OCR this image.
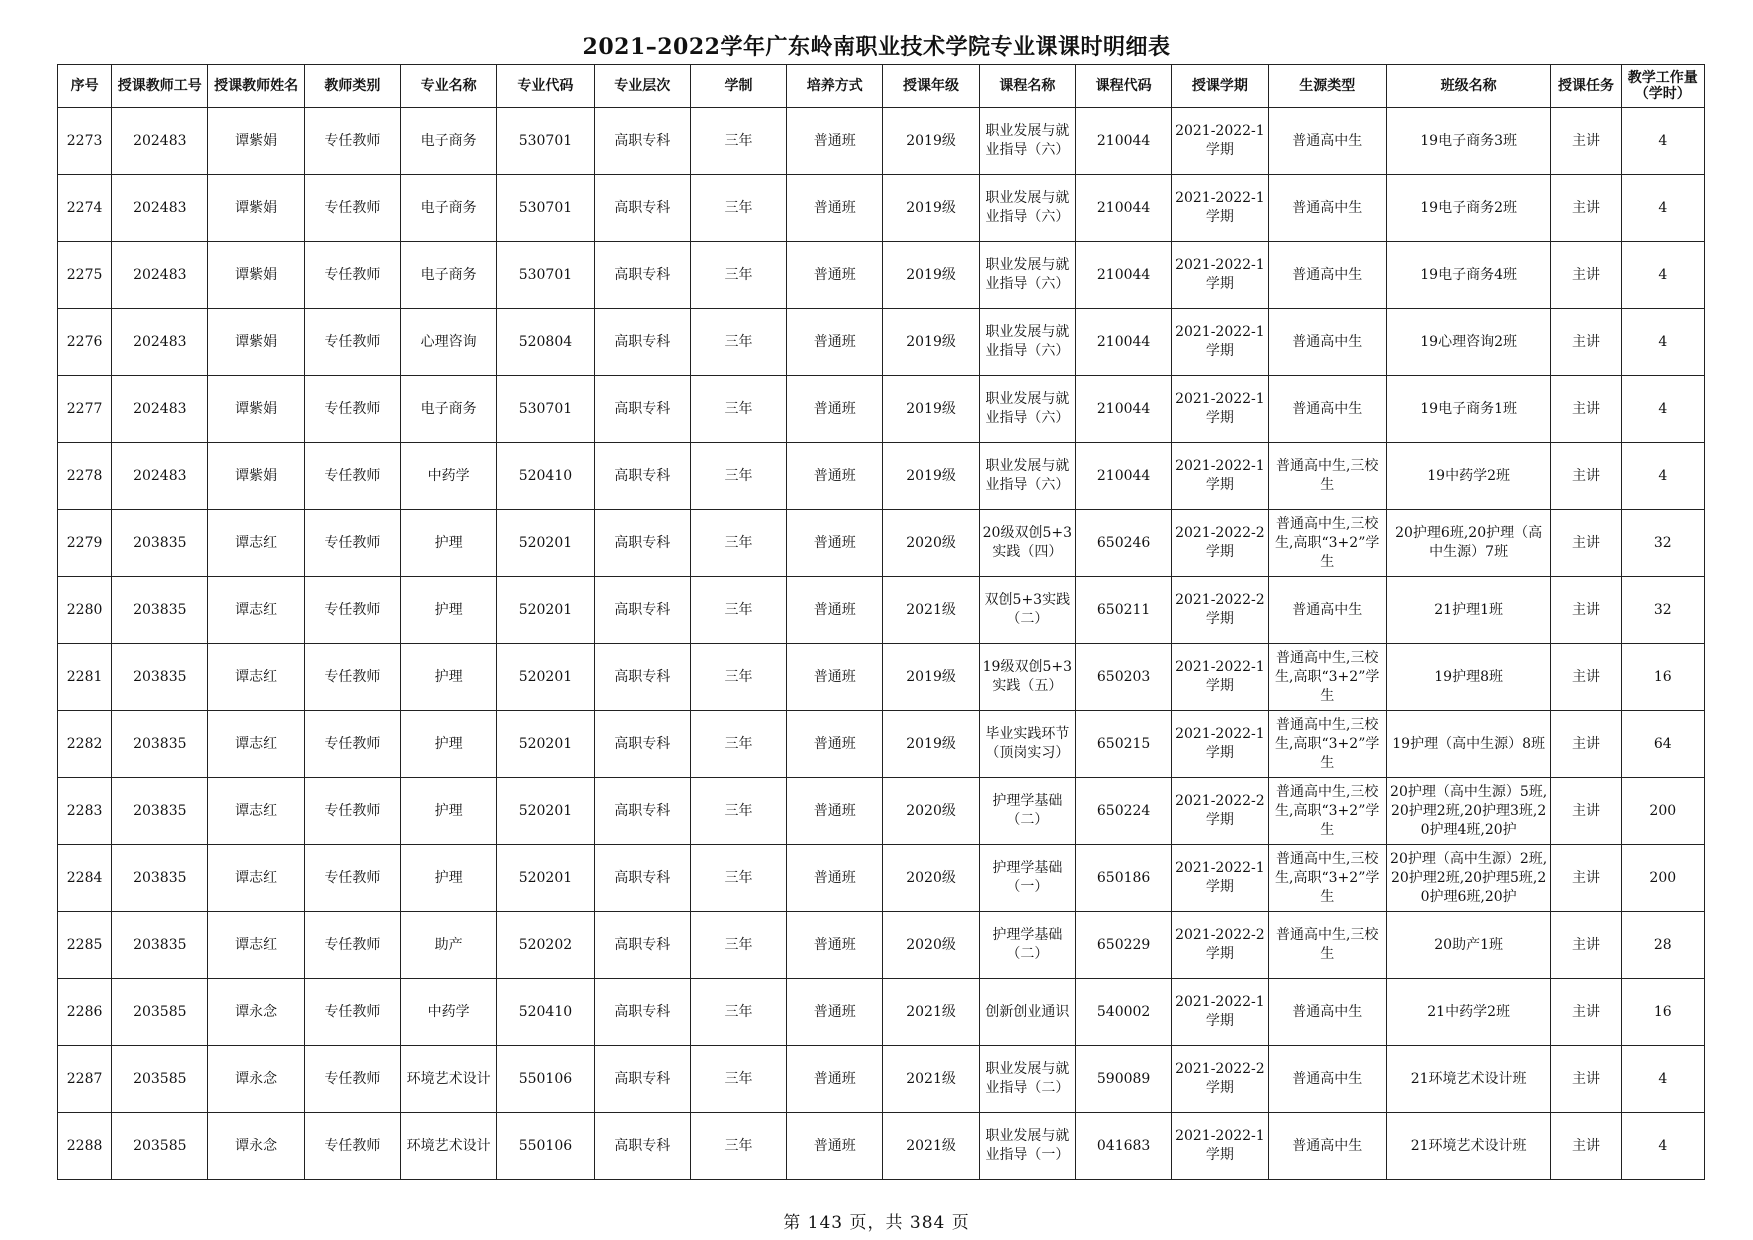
2021–2022学年广东岭南职业技术学院专业课课时明细表
序号	授课教师工号	授课教师姓名	教师类别	专业名称	专业代码	专业层次	学制	培养方式	授课年级	课程名称	课程代码	授课学期	生源类型	班级名称	授课任务	教学工作量（学时）

2273	202483	谭紫娟	专任教师	电子商务	530701	高职专科	三年	普通班	2019级	职业发展与就业指导（六）	210044	2021-2022-1学期	普通高中生	19电子商务3班	主讲	4

2274	202483	谭紫娟	专任教师	电子商务	530701	高职专科	三年	普通班	2019级	职业发展与就业指导（六）	210044	2021-2022-1学期	普通高中生	19电子商务2班	主讲	4

2275	202483	谭紫娟	专任教师	电子商务	530701	高职专科	三年	普通班	2019级	职业发展与就业指导（六）	210044	2021-2022-1学期	普通高中生	19电子商务4班	主讲	4

2276	202483	谭紫娟	专任教师	心理咨询	520804	高职专科	三年	普通班	2019级	职业发展与就业指导（六）	210044	2021-2022-1学期	普通高中生	19心理咨询2班	主讲	4

2277	202483	谭紫娟	专任教师	电子商务	530701	高职专科	三年	普通班	2019级	职业发展与就业指导（六）	210044	2021-2022-1学期	普通高中生	19电子商务1班	主讲	4

2278	202483	谭紫娟	专任教师	中药学	520410	高职专科	三年	普通班	2019级	职业发展与就业指导（六）	210044	2021-2022-1学期	普通高中生,三校生	19中药学2班	主讲	4

2279	203835	谭志红	专任教师	护理	520201	高职专科	三年	普通班	2020级	20级双创5+3实践（四）	650246	2021-2022-2学期	普通高中生,三校生,高职“3+2”学生	20护理6班,20护理（高中生源）7班	主讲	32

2280	203835	谭志红	专任教师	护理	520201	高职专科	三年	普通班	2021级	双创5+3实践（二）	650211	2021-2022-2学期	普通高中生	21护理1班	主讲	32

2281	203835	谭志红	专任教师	护理	520201	高职专科	三年	普通班	2019级	19级双创5+3实践（五）	650203	2021-2022-1学期	普通高中生,三校生,高职“3+2”学生	19护理8班	主讲	16

2282	203835	谭志红	专任教师	护理	520201	高职专科	三年	普通班	2019级	毕业实践环节（顶岗实习）	650215	2021-2022-1学期	普通高中生,三校生,高职“3+2”学生	19护理（高中生源）8班	主讲	64

2283	203835	谭志红	专任教师	护理	520201	高职专科	三年	普通班	2020级	护理学基础（二）	650224	2021-2022-2学期	普通高中生,三校生,高职“3+2”学生	20护理（高中生源）5班,20护理2班,20护理3班,20护理4班,20护	主讲	200

2284	203835	谭志红	专任教师	护理	520201	高职专科	三年	普通班	2020级	护理学基础（一）	650186	2021-2022-1学期	普通高中生,三校生,高职“3+2”学生	20护理（高中生源）2班,20护理2班,20护理5班,20护理6班,20护	主讲	200

2285	203835	谭志红	专任教师	助产	520202	高职专科	三年	普通班	2020级	护理学基础（二）	650229	2021-2022-2学期	普通高中生,三校生	20助产1班	主讲	28

2286	203585	谭永念	专任教师	中药学	520410	高职专科	三年	普通班	2021级	创新创业通识	540002	2021-2022-1学期	普通高中生	21中药学2班	主讲	16

2287	203585	谭永念	专任教师	环境艺术设计	550106	高职专科	三年	普通班	2021级	职业发展与就业指导（二）	590089	2021-2022-2学期	普通高中生	21环境艺术设计班	主讲	4

2288	203585	谭永念	专任教师	环境艺术设计	550106	高职专科	三年	普通班	2021级	职业发展与就业指导（一）	041683	2021-2022-1学期	普通高中生	21环境艺术设计班	主讲	4
第 143 页，共 384 页
